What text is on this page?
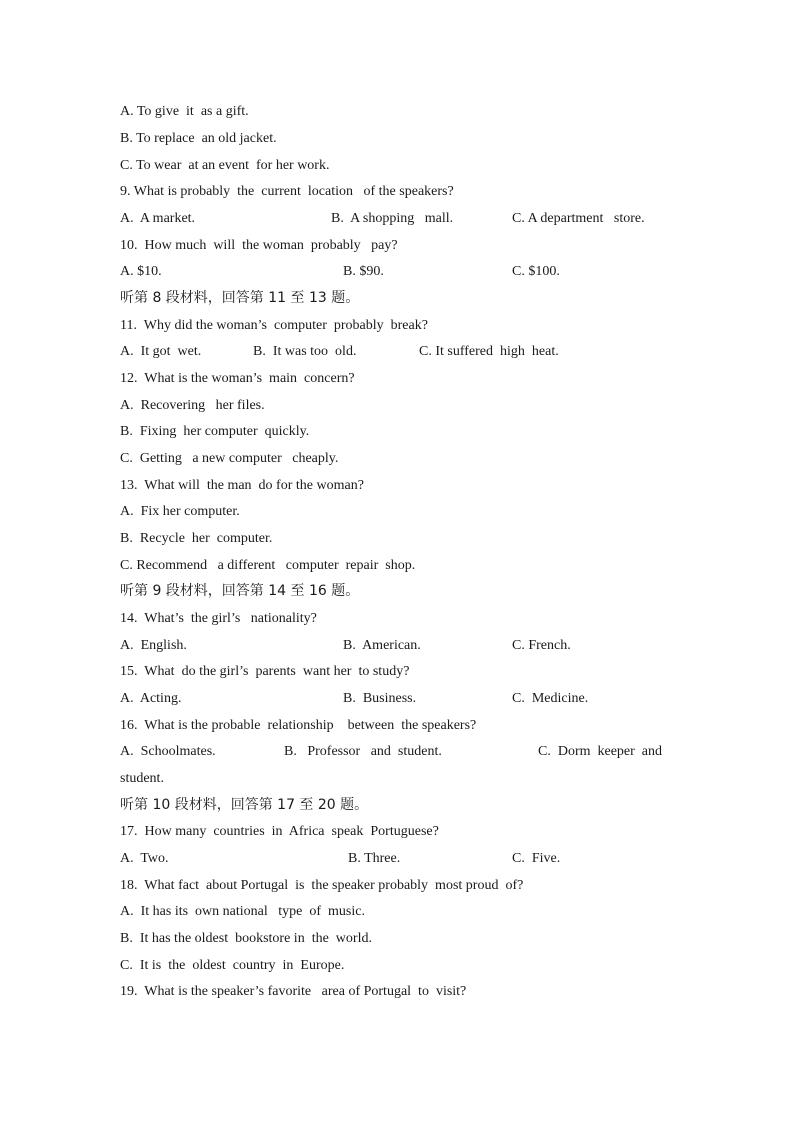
A. To give  it  as a gift.
B. To replace  an old jacket.
C. To wear  at an event  for her work.
9. What is probably  the  current  location   of the speakers?
A.  A market.	B.  A shopping   mall.	C. A department   store.
10.  How much  will  the woman  probably   pay?
A. $10.	B. $90.	C. $100.
听第 8 段材料，回答第 11 至 13 题。
11.  Why did the woman’s  computer  probably  break?
A.  It got  wet.	B.  It was too  old.	C. It suffered  high  heat.
12.  What is the woman’s  main  concern?
A.  Recovering   her files.
B.  Fixing  her computer  quickly.
C.  Getting   a new computer   cheaply.
13.  What will  the man  do for the woman?
A.  Fix her computer.
B.  Recycle  her  computer.
C. Recommend   a different   computer  repair  shop.
听第 9 段材料，回答第 14 至 16 题。
14.  What’s  the girl’s   nationality?
A.  English.	B.  American.	C. French.
15.  What  do the girl’s  parents  want her  to study?
A.  Acting.	B.  Business.	C.  Medicine.
16.  What is the probable  relationship    between  the speakers?
A.  Schoolmates.	B.   Professor   and  student.	C.  Dorm  keeper  and
student.
听第 10 段材料，回答第 17 至 20 题。
17.  How many  countries  in  Africa  speak  Portuguese?
A.  Two.	B. Three.	C.  Five.
18.  What fact  about Portugal  is  the speaker probably  most proud  of?
A.  It has its  own national   type  of  music.
B.  It has the oldest  bookstore in  the  world.
C.  It is  the  oldest  country  in  Europe.
19.  What is the speaker’s favorite   area of Portugal  to  visit?
